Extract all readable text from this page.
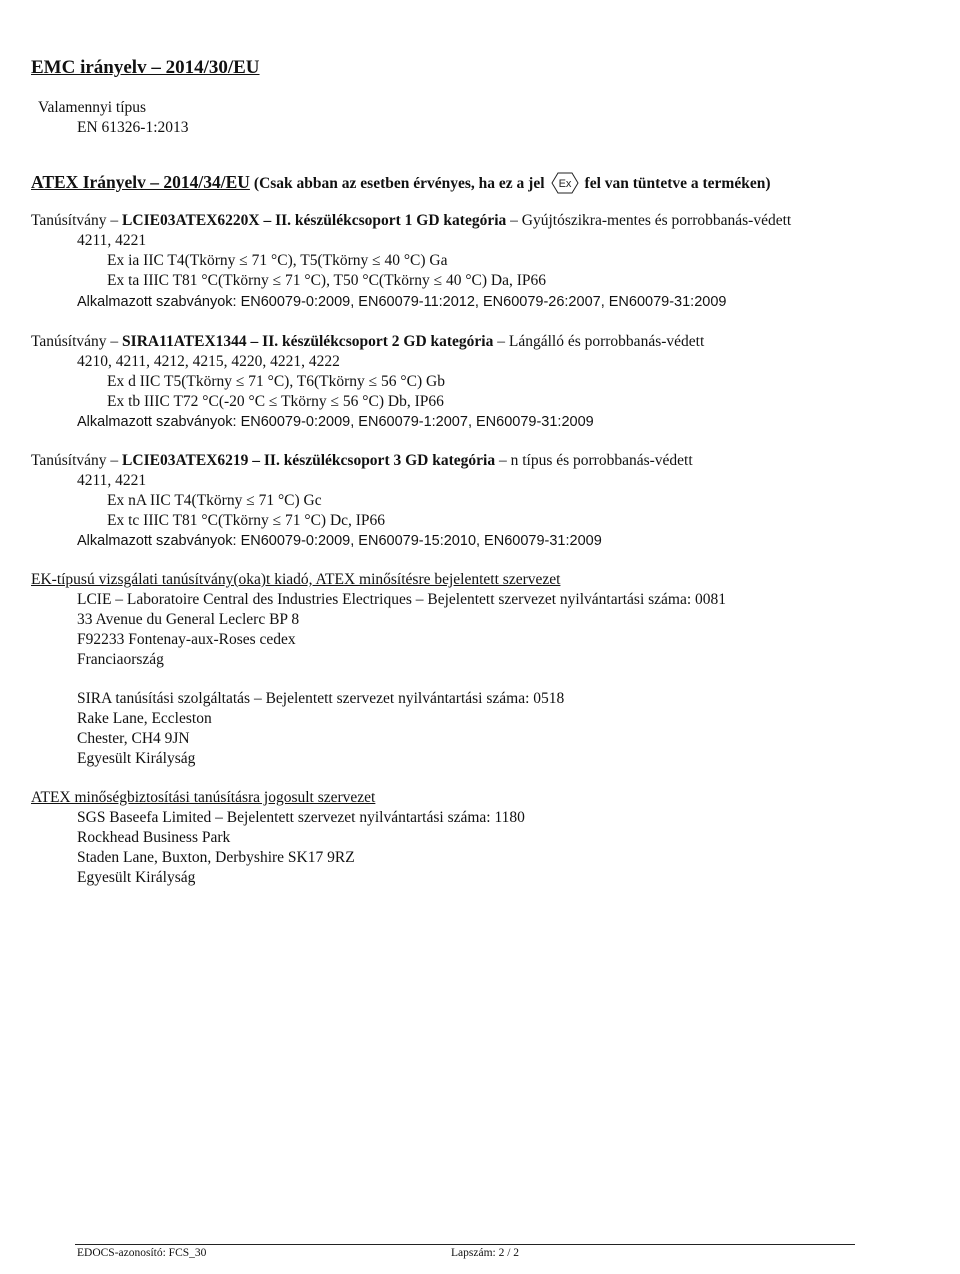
EMC irányelv – 2014/30/EU
Valamennyi típus
EN 61326-1:2013
ATEX Irányelv – 2014/34/EU (Csak abban az esetben érvényes, ha ez a jel Ex fel van tüntetve a terméken)
Tanúsítvány – LCIE03ATEX6220X – II. készülékcsoport 1 GD kategória – Gyújtószikra-mentes és porrobbanás-védett
4211, 4221
Ex ia IIC T4(Tkörny ≤ 71 °C), T5(Tkörny ≤ 40 °C) Ga
Ex ta IIIC T81 °C(Tkörny ≤ 71 °C), T50 °C(Tkörny ≤ 40 °C) Da, IP66
Alkalmazott szabványok: EN60079-0:2009, EN60079-11:2012, EN60079-26:2007, EN60079-31:2009
Tanúsítvány – SIRA11ATEX1344 – II. készülékcsoport 2 GD kategória – Lángálló és porrobbanás-védett
4210, 4211, 4212, 4215, 4220, 4221, 4222
Ex d IIC T5(Tkörny ≤ 71 °C), T6(Tkörny ≤ 56 °C) Gb
Ex tb IIIC T72 °C(-20 °C ≤ Tkörny ≤ 56 °C) Db, IP66
Alkalmazott szabványok: EN60079-0:2009, EN60079-1:2007, EN60079-31:2009
Tanúsítvány – LCIE03ATEX6219 – II. készülékcsoport 3 GD kategória – n típus és porrobbanás-védett
4211, 4221
Ex nA IIC T4(Tkörny ≤ 71 °C) Gc
Ex tc IIIC T81 °C(Tkörny ≤ 71 °C) Dc, IP66
Alkalmazott szabványok: EN60079-0:2009, EN60079-15:2010, EN60079-31:2009
EK-típusú vizsgálati tanúsítvány(oka)t kiadó, ATEX minősítésre bejelentett szervezet
LCIE – Laboratoire Central des Industries Electriques – Bejelentett szervezet nyilvántartási száma: 0081
33 Avenue du General Leclerc BP 8
F92233 Fontenay-aux-Roses cedex
Franciaország
SIRA tanúsítási szolgáltatás – Bejelentett szervezet nyilvántartási száma: 0518
Rake Lane, Eccleston
Chester, CH4 9JN
Egyesült Királyság
ATEX minőségbiztosítási tanúsításra jogosult szervezet
SGS Baseefa Limited – Bejelentett szervezet nyilvántartási száma: 1180
Rockhead Business Park
Staden Lane, Buxton, Derbyshire SK17 9RZ
Egyesült Királyság
EDOCS-azonosító: FCS_30	Lapszám: 2 / 2
